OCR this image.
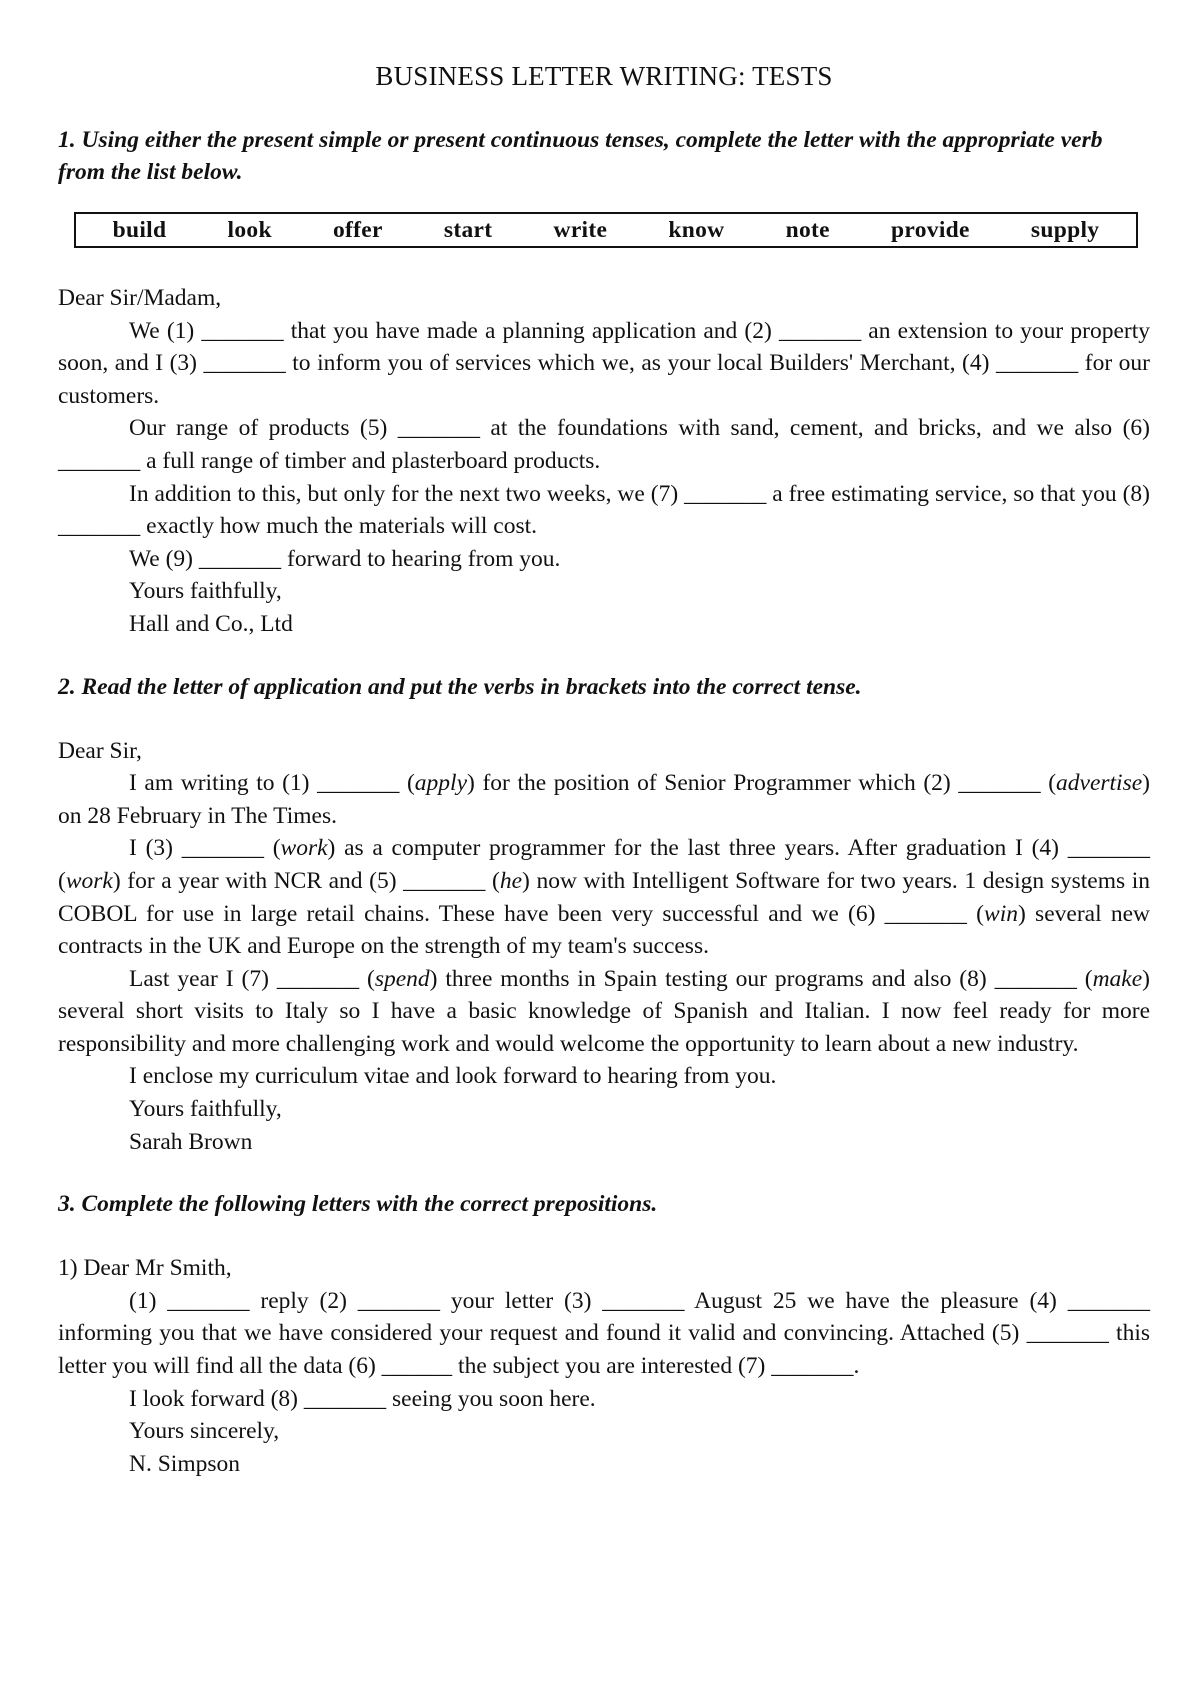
BUSINESS LETTER WRITING: TESTS

1. Using either the present simple or present continuous tenses, complete the letter with the appropriate verb from the list below.

build	look	offer	start	write	know	note	provide	supply

Dear Sir/Madam,

We (1) _______ that you have made a planning application and (2) _______ an extension to your property soon, and I (3) _______ to inform you of services which we, as your local Builders' Merchant, (4) _______ for our customers.

Our range of products (5) _______ at the foundations with sand, cement, and bricks, and we also (6) _______ a full range of timber and plasterboard products.

In addition to this, but only for the next two weeks, we (7) _______ a free estimating service, so that you (8) _______ exactly how much the materials will cost.

We (9) _______ forward to hearing from you.

Yours faithfully,

Hall and Co., Ltd

2. Read the letter of application and put the verbs in brackets into the correct tense.

Dear Sir,

I am writing to (1) _______ (apply) for the position of Senior Programmer which (2) _______ (advertise) on 28 February in The Times.

I (3) _______ (work) as a computer programmer for the last three years. After graduation I (4) _______ (work) for a year with NCR and (5) _______ (he) now with Intelligent Software for two years. 1 design systems in COBOL for use in large retail chains. These have been very successful and we (6) _______ (win) several new contracts in the UK and Europe on the strength of my team's success.

Last year I (7) _______ (spend) three months in Spain testing our programs and also (8) _______ (make) several short visits to Italy so I have a basic knowledge of Spanish and Italian. I now feel ready for more responsibility and more challenging work and would welcome the opportunity to learn about a new industry.

I enclose my curriculum vitae and look forward to hearing from you.

Yours faithfully,

Sarah Brown

3. Complete the following letters with the correct prepositions.

1) Dear Mr Smith,

(1) _______ reply (2) _______ your letter (3) _______ August 25 we have the pleasure (4) _______ informing you that we have considered your request and found it valid and convincing. Attached (5) _______ this letter you will find all the data (6) ______ the subject you are interested (7) _______.

I look forward (8) _______ seeing you soon here.

Yours sincerely,

N. Simpson
